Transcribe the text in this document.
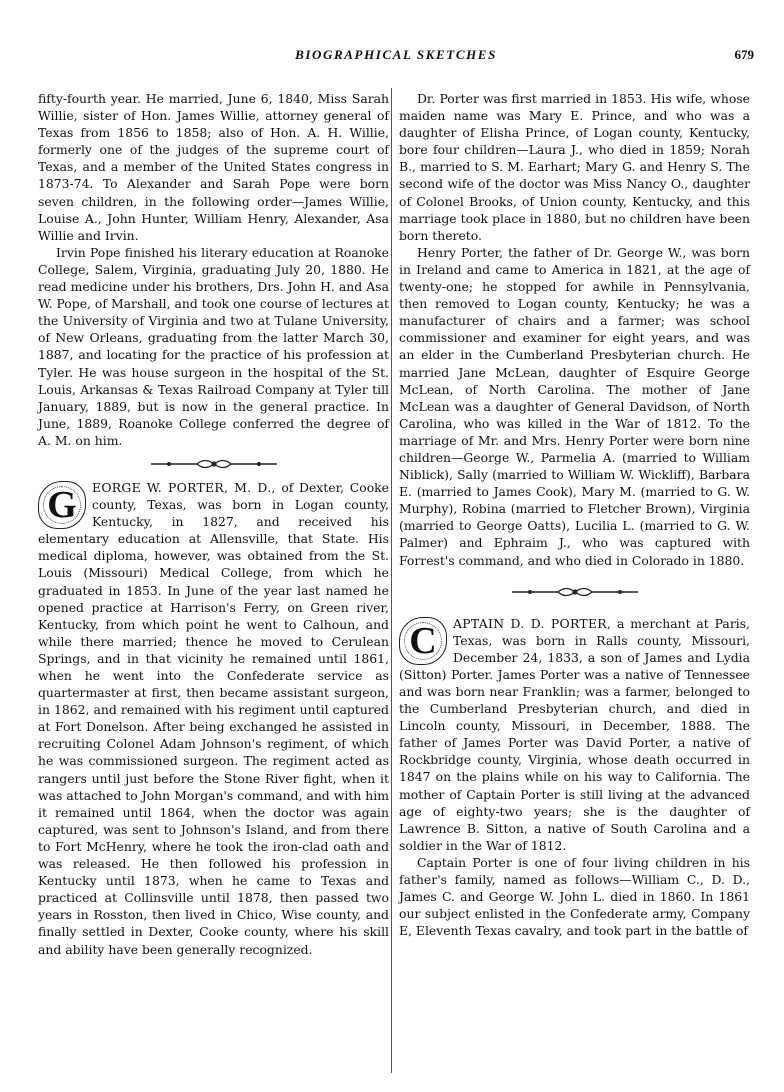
BIOGRAPHICAL SKETCHES	679

fifty-fourth year. He married, June 6, 1840, Miss Sarah Willie, sister of Hon. James Willie, attorney general of Texas from 1856 to 1858; also of Hon. A. H. Willie, formerly one of the judges of the supreme court of Texas, and a member of the United States congress in 1873-74. To Alexander and Sarah Pope were born seven children, in the following order—James Willie, Louise A., John Hunter, William Henry, Alexander, Asa Willie and Irvin.

Irvin Pope finished his literary education at Roanoke College, Salem, Virginia, graduating July 20, 1880. He read medicine under his brothers, Drs. John H. and Asa W. Pope, of Marshall, and took one course of lectures at the University of Virginia and two at Tulane University, of New Orleans, graduating from the latter March 30, 1887, and locating for the practice of his profession at Tyler. He was house surgeon in the hospital of the St. Louis, Arkansas & Texas Railroad Company at Tyler till January, 1889, but is now in the general practice. In June, 1889, Roanoke College conferred the degree of A. M. on him.

G	EORGE W. PORTER, M. D., of Dexter, Cooke county, Texas, was born in Logan county, Kentucky, in 1827, and received his elementary education at Allensville, that State. His medical diploma, however, was obtained from the St. Louis (Missouri) Medical College, from which he graduated in 1853. In June of the year last named he opened practice at Harrison's Ferry, on Green river, Kentucky, from which point he went to Calhoun, and while there married; thence he moved to Cerulean Springs, and in that vicinity he remained until 1861, when he went into the Confederate service as quartermaster at first, then became assistant surgeon, in 1862, and remained with his regiment until captured at Fort Donelson. After being exchanged he assisted in recruiting Colonel Adam Johnson's regiment, of which he was commissioned surgeon. The regiment acted as rangers until just before the Stone River fight, when it was attached to John Morgan's command, and with him it remained until 1864, when the doctor was again captured, was sent to Johnson's Island, and from there to Fort McHenry, where he took the iron-clad oath and was released. He then followed his profession in Kentucky until 1873, when he came to Texas and practiced at Collinsville until 1878, then passed two years in Rosston, then lived in Chico, Wise county, and finally settled in Dexter, Cooke county, where his skill and ability have been generally recognized.

Dr. Porter was first married in 1853. His wife, whose maiden name was Mary E. Prince, and who was a daughter of Elisha Prince, of Logan county, Kentucky, bore four children—Laura J., who died in 1859; Norah B., married to S. M. Earhart; Mary G. and Henry S. The second wife of the doctor was Miss Nancy O., daughter of Colonel Brooks, of Union county, Kentucky, and this marriage took place in 1880, but no children have been born thereto.

Henry Porter, the father of Dr. George W., was born in Ireland and came to America in 1821, at the age of twenty-one; he stopped for awhile in Pennsylvania, then removed to Logan county, Kentucky; he was a manufacturer of chairs and a farmer; was school commissioner and examiner for eight years, and was an elder in the Cumberland Presbyterian church. He married Jane McLean, daughter of Esquire George McLean, of North Carolina. The mother of Jane McLean was a daughter of General Davidson, of North Carolina, who was killed in the War of 1812. To the marriage of Mr. and Mrs. Henry Porter were born nine children—George W., Parmelia A. (married to William Niblick), Sally (married to William W. Wickliff), Barbara E. (married to James Cook), Mary M. (married to G. W. Murphy), Robina (married to Fletcher Brown), Virginia (married to George Oatts), Lucilia L. (married to G. W. Palmer) and Ephraim J., who was captured with Forrest's command, and who died in Colorado in 1880.

C	APTAIN D. D. PORTER, a merchant at Paris, Texas, was born in Ralls county, Missouri, December 24, 1833, a son of James and Lydia (Sitton) Porter. James Porter was a native of Tennessee and was born near Franklin; was a farmer, belonged to the Cumberland Presbyterian church, and died in Lincoln county, Missouri, in December, 1888. The father of James Porter was David Porter, a native of Rockbridge county, Virginia, whose death occurred in 1847 on the plains while on his way to California. The mother of Captain Porter is still living at the advanced age of eighty-two years; she is the daughter of Lawrence B. Sitton, a native of South Carolina and a soldier in the War of 1812.

Captain Porter is one of four living children in his father's family, named as follows—William C., D. D., James C. and George W. John L. died in 1860. In 1861 our subject enlisted in the Confederate army, Company E, Eleventh Texas cavalry, and took part in the battle of
